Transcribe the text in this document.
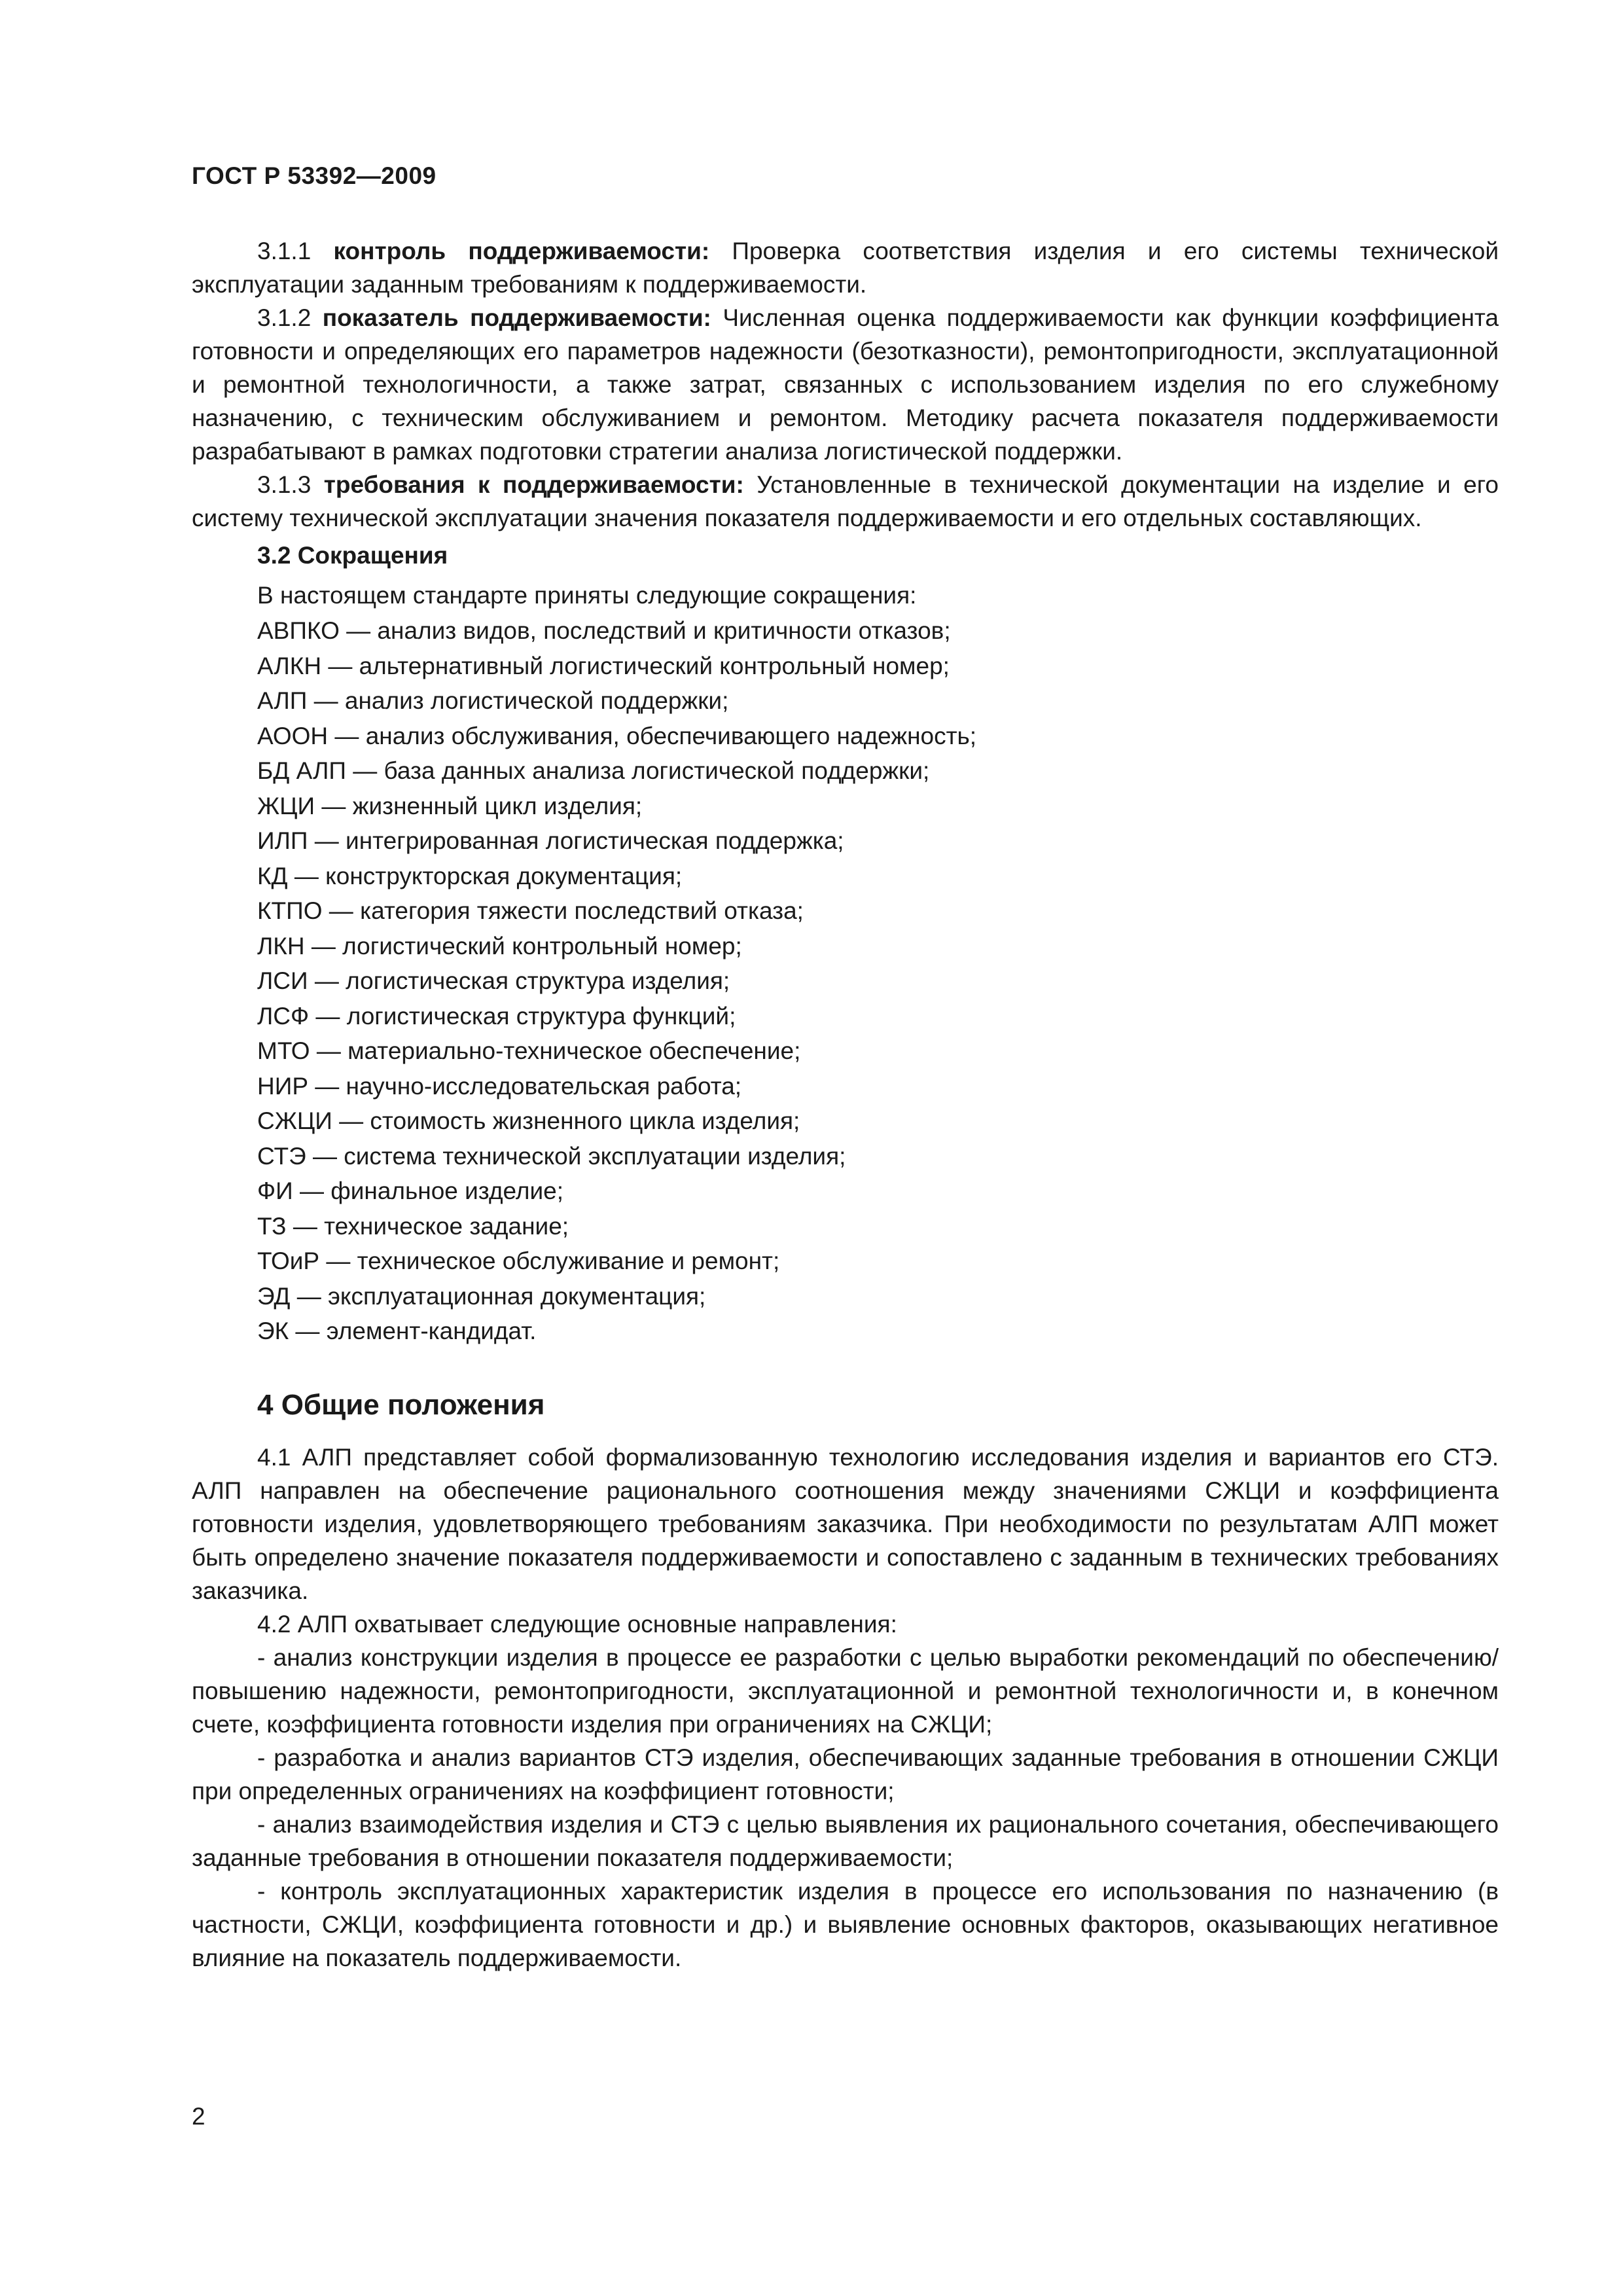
ГОСТ Р 53392—2009

3.1.1 контроль поддерживаемости: Проверка соответствия изделия и его системы технической эксплуатации заданным требованиям к поддерживаемости.

3.1.2 показатель поддерживаемости: Численная оценка поддерживаемости как функции коэффициента готовности и определяющих его параметров надежности (безотказности), ремонтопригодности, эксплуатационной и ремонтной технологичности, а также затрат, связанных с использованием изделия по его служебному назначению, с техническим обслуживанием и ремонтом. Методику расчета показателя поддерживаемости разрабатывают в рамках подготовки стратегии анализа логистической поддержки.

3.1.3 требования к поддерживаемости: Установленные в технической документации на изделие и его систему технической эксплуатации значения показателя поддерживаемости и его отдельных составляющих.

3.2 Сокращения
В настоящем стандарте приняты следующие сокращения:
АВПКО — анализ видов, последствий и критичности отказов;
АЛКН — альтернативный логистический контрольный номер;
АЛП — анализ логистической поддержки;
АООН — анализ обслуживания, обеспечивающего надежность;
БД АЛП — база данных анализа логистической поддержки;
ЖЦИ — жизненный цикл изделия;
ИЛП — интегрированная логистическая поддержка;
КД — конструкторская документация;
КТПО — категория тяжести последствий отказа;
ЛКН — логистический контрольный номер;
ЛСИ — логистическая структура изделия;
ЛСФ — логистическая структура функций;
МТО — материально-техническое обеспечение;
НИР — научно-исследовательская работа;
СЖЦИ — стоимость жизненного цикла изделия;
СТЭ — система технической эксплуатации изделия;
ФИ — финальное изделие;
ТЗ — техническое задание;
ТОиР — техническое обслуживание и ремонт;
ЭД — эксплуатационная документация;
ЭК — элемент-кандидат.
4 Общие положения

4.1 АЛП представляет собой формализованную технологию исследования изделия и вариантов его СТЭ. АЛП направлен на обеспечение рационального соотношения между значениями СЖЦИ и коэффициента готовности изделия, удовлетворяющего требованиям заказчика. При необходимости по результатам АЛП может быть определено значение показателя поддерживаемости и сопоставлено с заданным в технических требованиях заказчика.

4.2 АЛП охватывает следующие основные направления:

- анализ конструкции изделия в процессе ее разработки с целью выработки рекомендаций по обеспечению/повышению надежности, ремонтопригодности, эксплуатационной и ремонтной технологичности и, в конечном счете, коэффициента готовности изделия при ограничениях на СЖЦИ;

- разработка и анализ вариантов СТЭ изделия, обеспечивающих заданные требования в отношении СЖЦИ при определенных ограничениях на коэффициент готовности;

- анализ взаимодействия изделия и СТЭ с целью выявления их рационального сочетания, обеспечивающего заданные требования в отношении показателя поддерживаемости;

- контроль эксплуатационных характеристик изделия в процессе его использования по назначению (в частности, СЖЦИ, коэффициента готовности и др.) и выявление основных факторов, оказывающих негативное влияние на показатель поддерживаемости.

2
